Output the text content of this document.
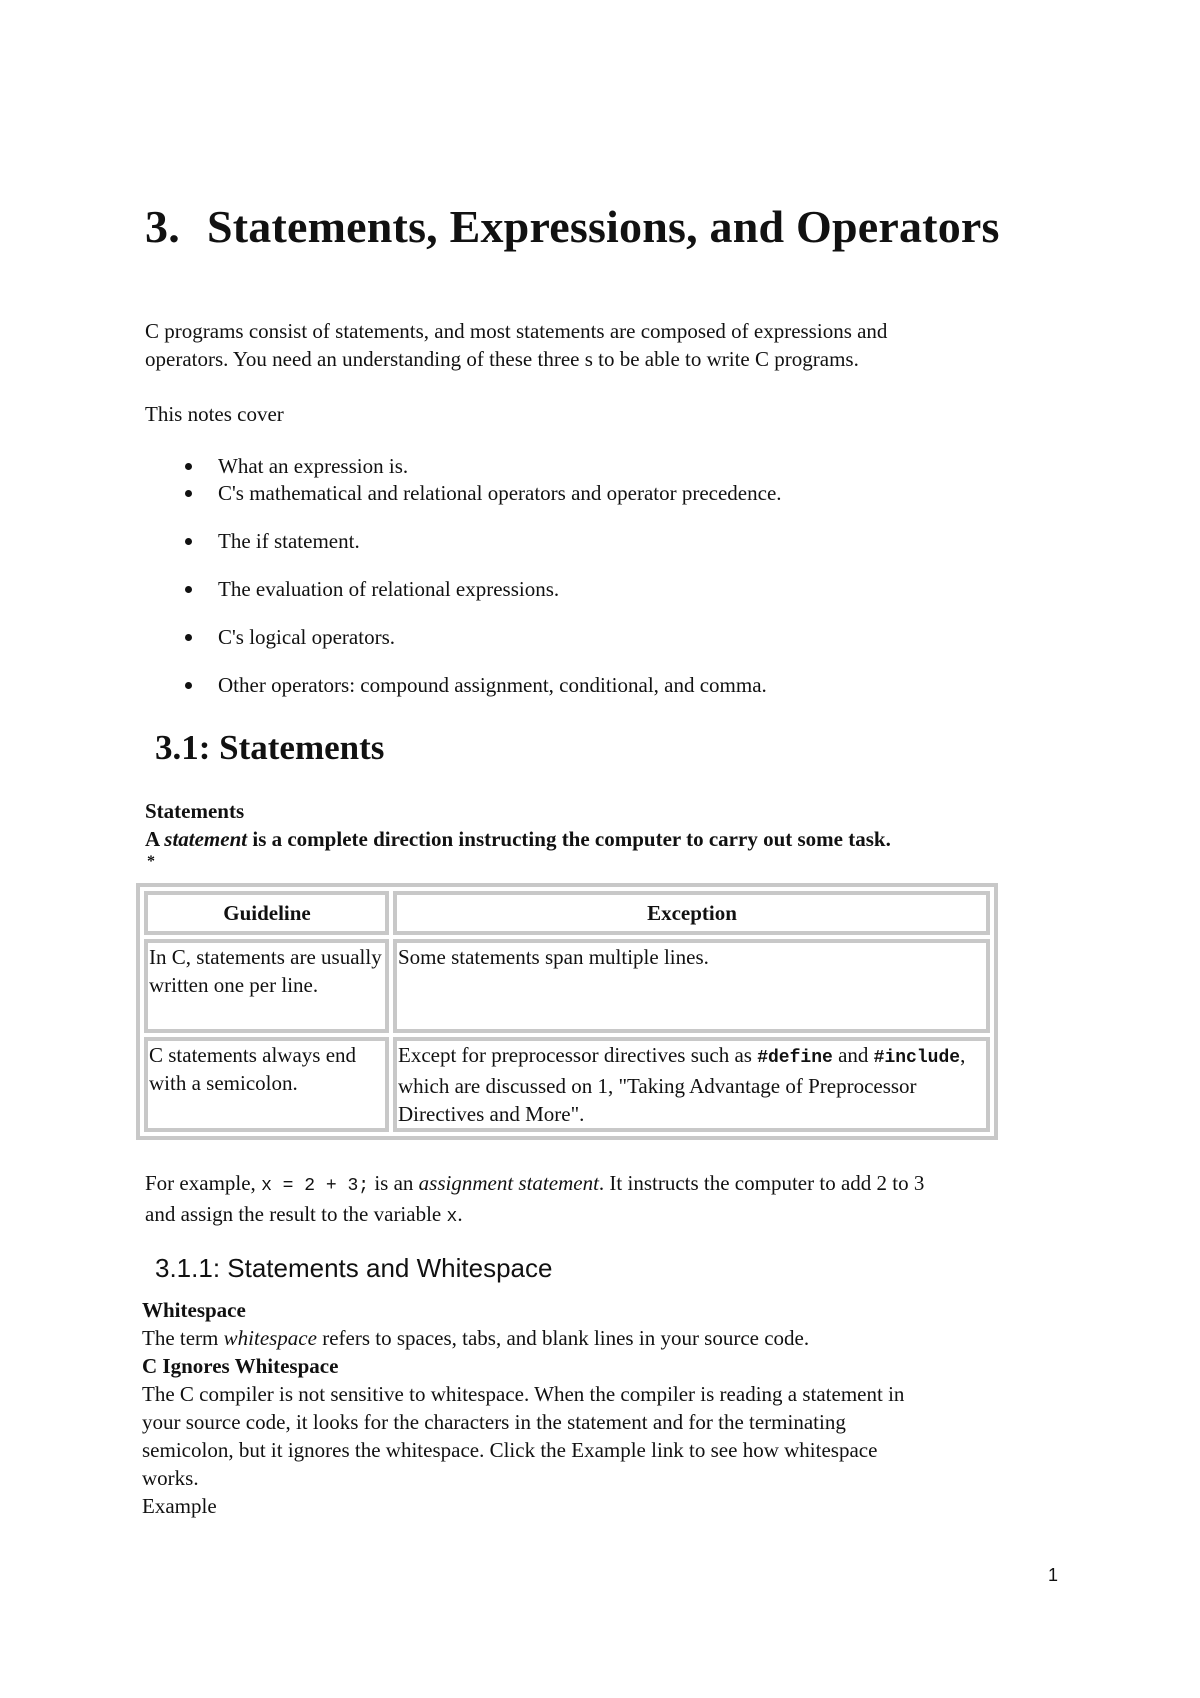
3. Statements, Expressions, and Operators
C programs consist of statements, and most statements are composed of expressions and
operators. You need an understanding of these three s to be able to write C programs.
This notes cover
What an expression is.
C's mathematical and relational operators and operator precedence.
The if statement.
The evaluation of relational expressions.
C's logical operators.
Other operators: compound assignment, conditional, and comma.
3.1: Statements
Statements
A statement is a complete direction instructing the computer to carry out some task.
*
Guideline	Exception
In C, statements are usually written one per line.	Some statements span multiple lines.
C statements always end with a semicolon.	Except for preprocessor directives such as #define and #include, which are discussed on 1, "Taking Advantage of Preprocessor Directives and More".
For example, x = 2 + 3; is an assignment statement. It instructs the computer to add 2 to 3
and assign the result to the variable x.
3.1.1: Statements and Whitespace
Whitespace
The term whitespace refers to spaces, tabs, and blank lines in your source code.
C Ignores Whitespace
The C compiler is not sensitive to whitespace. When the compiler is reading a statement in
your source code, it looks for the characters in the statement and for the terminating
semicolon, but it ignores the whitespace. Click the Example link to see how whitespace
works.
Example
1
